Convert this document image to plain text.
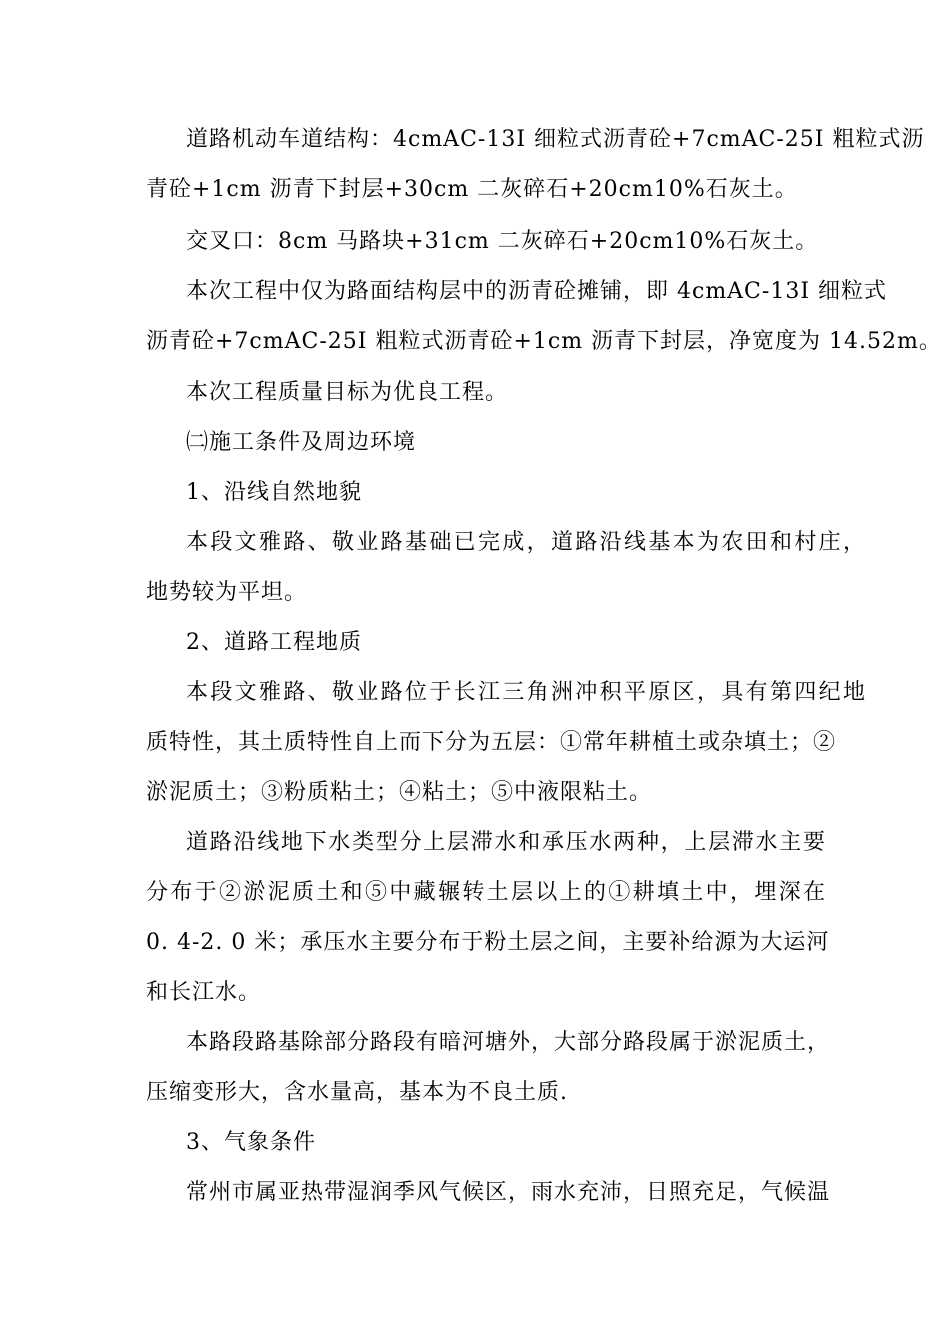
道路机动车道结构：4cmAC-13I 细粒式沥青砼+7cmAC-25I 粗粒式沥
青砼+1cm 沥青下封层+30cm 二灰碎石+20cm10%石灰土。
交叉口：8cm 马路块+31cm 二灰碎石+20cm10%石灰土。
本次工程中仅为路面结构层中的沥青砼摊铺，即 4cmAC-13I 细粒式
沥青砼+7cmAC-25I 粗粒式沥青砼+1cm 沥青下封层，净宽度为 14.52m。
本次工程质量目标为优良工程。
㈡施工条件及周边环境
1、沿线自然地貌
本段文雅路、敬业路基础已完成，道路沿线基本为农田和村庄，
地势较为平坦。
2、道路工程地质
本段文雅路、敬业路位于长江三角洲冲积平原区，具有第四纪地
质特性，其土质特性自上而下分为五层：①常年耕植土或杂填土；②
淤泥质土；③粉质粘土；④粘土；⑤中液限粘土。
道路沿线地下水类型分上层滞水和承压水两种，上层滞水主要
分布于②淤泥质土和⑤中藏辗转土层以上的①耕填土中，埋深在
0. 4-2. 0 米；承压水主要分布于粉土层之间，主要补给源为大运河
和长江水。
本路段路基除部分路段有暗河塘外，大部分路段属于淤泥质土，
压缩变形大，含水量高，基本为不良土质.
3、气象条件
常州市属亚热带湿润季风气候区，雨水充沛，日照充足，气候温
